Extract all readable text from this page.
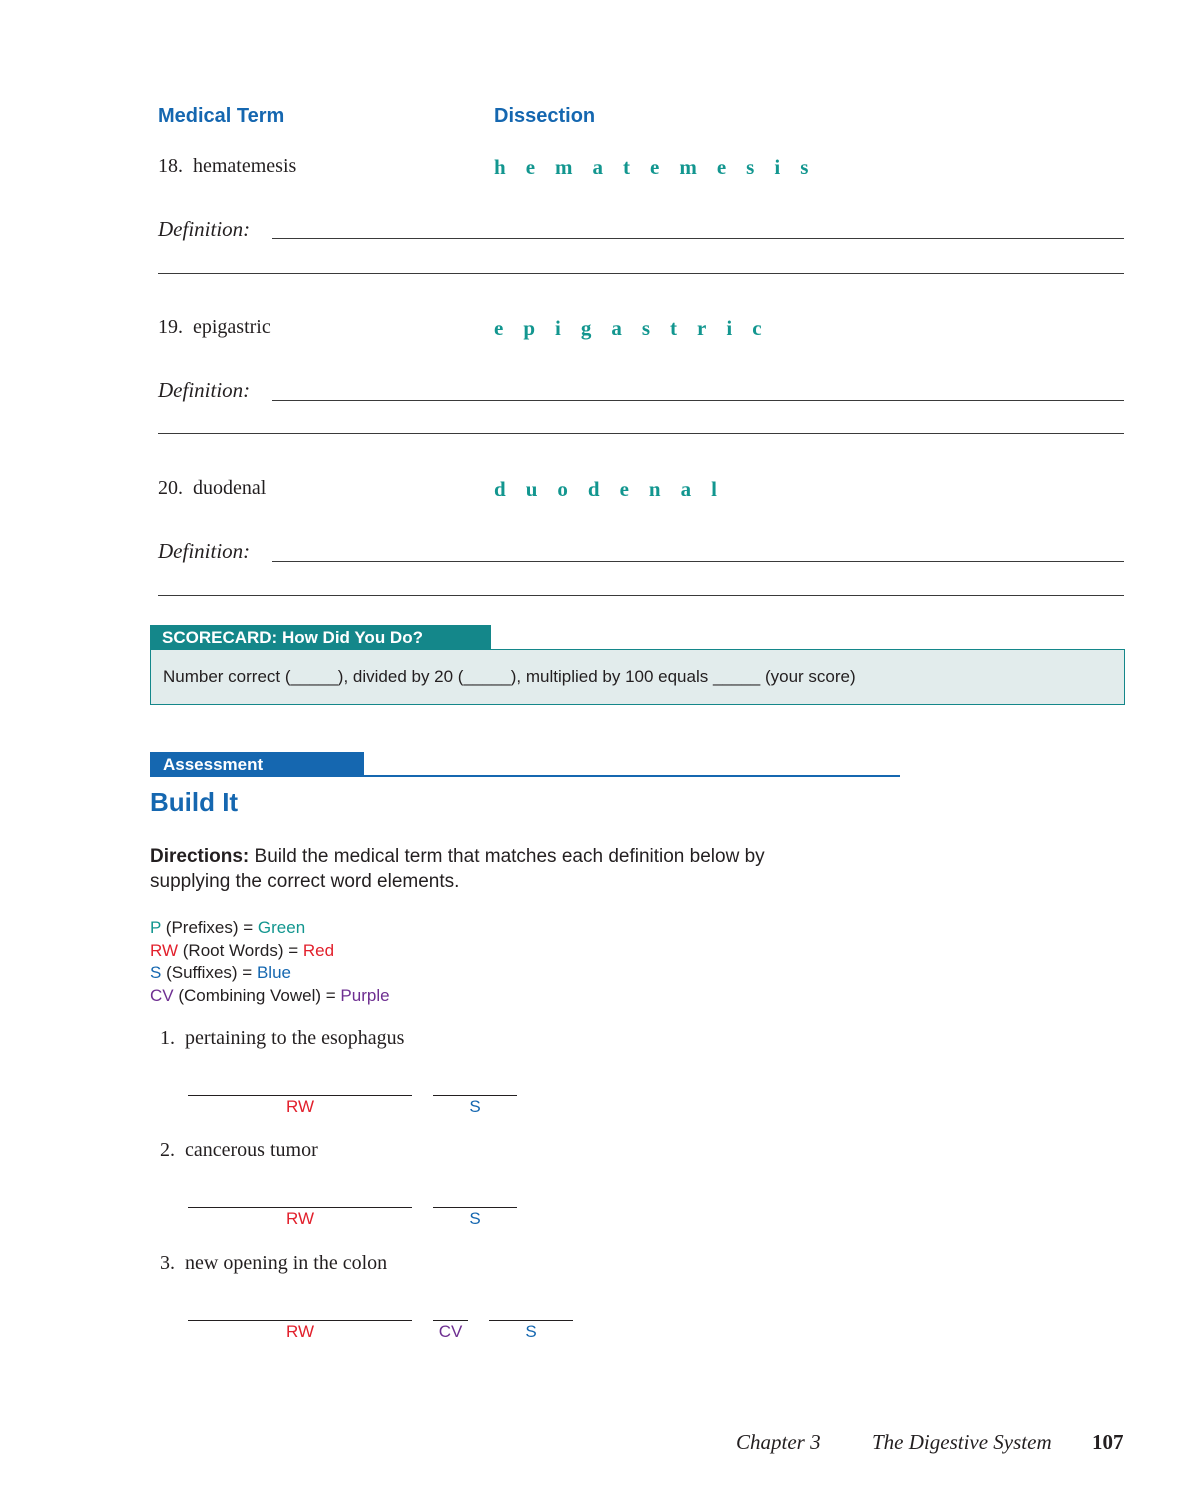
Medical Term	Dissection
18. hematemesis	h e m a t e m e s i s
Definition:
19. epigastric	e p i g a s t r i c
Definition:
20. duodenal	d u o d e n a l
Definition:
SCORECARD: How Did You Do?
Number correct (_____), divided by 20 (_____), multiplied by 100 equals _____ (your score)
Assessment
Build It
Directions: Build the medical term that matches each definition below by supplying the correct word elements.
P (Prefixes) = Green
RW (Root Words) = Red
S (Suffixes) = Blue
CV (Combining Vowel) = Purple
1. pertaining to the esophagus
RW	S
2. cancerous tumor
RW	S
3. new opening in the colon
RW	CV	S
Chapter 3 The Digestive System 107
